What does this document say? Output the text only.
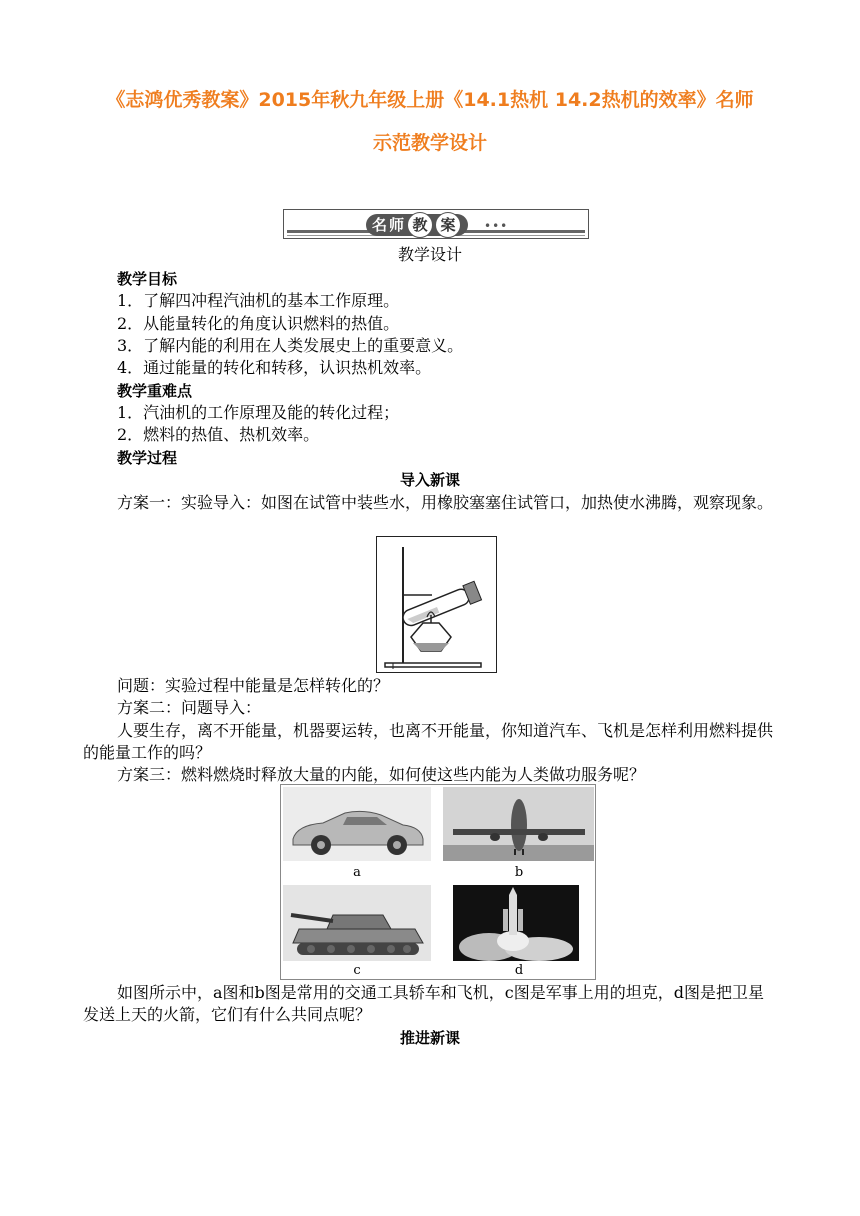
《志鸿优秀教案》2015年秋九年级上册《14.1热机 14.2热机的效率》名师
示范教学设计
名师 教 案	•••
教学设计
教学目标
1．了解四冲程汽油机的基本工作原理。
2．从能量转化的角度认识燃料的热值。
3．了解内能的利用在人类发展史上的重要意义。
4．通过能量的转化和转移，认识热机效率。
教学重难点
1．汽油机的工作原理及能的转化过程；
2．燃料的热值、热机效率。
教学过程
导入新课
方案一：实验导入：如图在试管中装些水，用橡胶塞塞住试管口，加热使水沸腾，观察现象。
问题：实验过程中能量是怎样转化的？
方案二：问题导入：
人要生存，离不开能量，机器要运转，也离不开能量，你知道汽车、飞机是怎样利用燃料提供的能量工作的吗？
方案三：燃料燃烧时释放大量的内能，如何使这些内能为人类做功服务呢？
a	b
c	d
如图所示中，a图和b图是常用的交通工具轿车和飞机，c图是军事上用的坦克，d图是把卫星发送上天的火箭，它们有什么共同点呢？
推进新课
